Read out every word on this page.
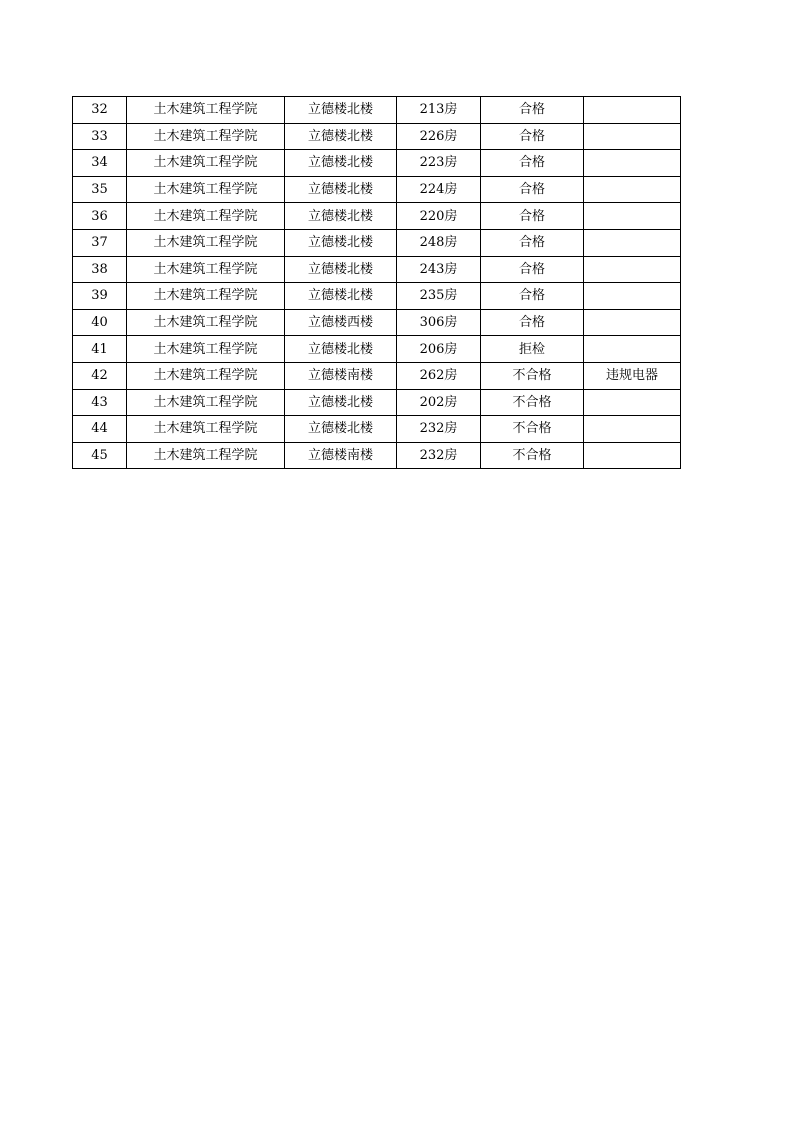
32	土木建筑工程学院	立德楼北楼	213房	合格	
33	土木建筑工程学院	立德楼北楼	226房	合格	
34	土木建筑工程学院	立德楼北楼	223房	合格	
35	土木建筑工程学院	立德楼北楼	224房	合格	
36	土木建筑工程学院	立德楼北楼	220房	合格	
37	土木建筑工程学院	立德楼北楼	248房	合格	
38	土木建筑工程学院	立德楼北楼	243房	合格	
39	土木建筑工程学院	立德楼北楼	235房	合格	
40	土木建筑工程学院	立德楼西楼	306房	合格	
41	土木建筑工程学院	立德楼北楼	206房	拒检	
42	土木建筑工程学院	立德楼南楼	262房	不合格	违规电器
43	土木建筑工程学院	立德楼北楼	202房	不合格	
44	土木建筑工程学院	立德楼北楼	232房	不合格	
45	土木建筑工程学院	立德楼南楼	232房	不合格	
